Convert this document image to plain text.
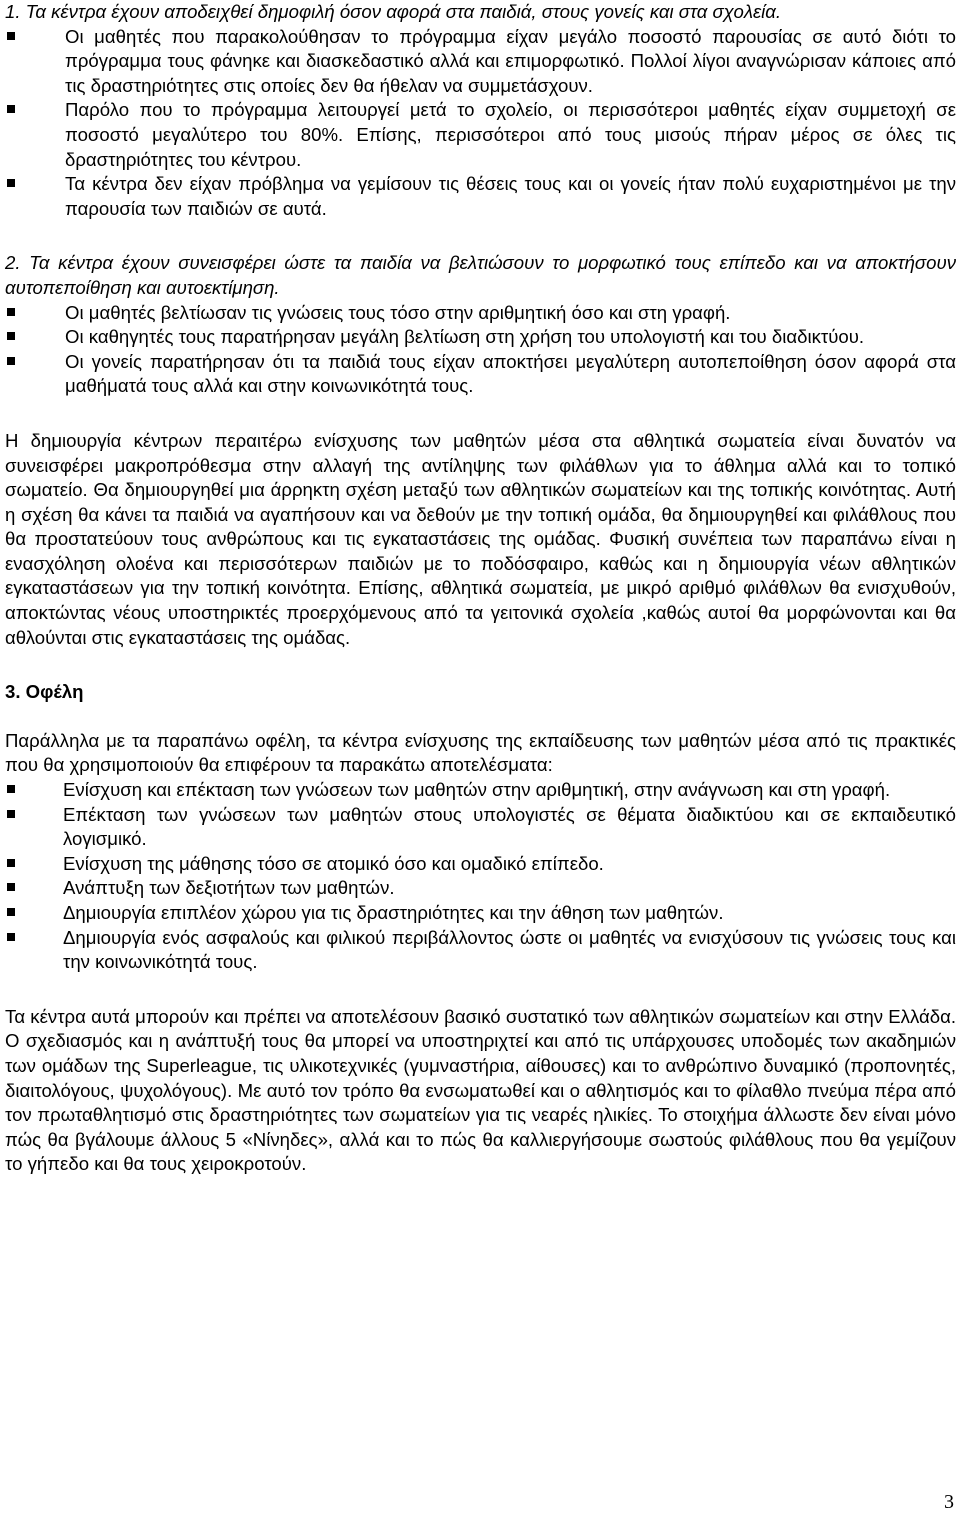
1. Τα κέντρα έχουν αποδειχθεί δημοφιλή όσον αφορά στα παιδιά, στους γονείς και στα σχολεία.

Οι μαθητές που παρακολούθησαν το πρόγραμμα είχαν μεγάλο ποσοστό παρουσίας σε αυτό διότι το πρόγραμμα τους φάνηκε και διασκεδαστικό αλλά και επιμορφωτικό. Πολλοί λίγοι αναγνώρισαν κάποιες από τις δραστηριότητες στις οποίες δεν θα ήθελαν να συμμετάσχουν.
Παρόλο που το πρόγραμμα λειτουργεί μετά το σχολείο, οι περισσότεροι μαθητές είχαν συμμετοχή σε ποσοστό μεγαλύτερο του 80%. Επίσης, περισσότεροι από τους μισούς πήραν μέρος σε όλες τις δραστηριότητες του κέντρου.
Τα κέντρα δεν είχαν πρόβλημα να γεμίσουν τις θέσεις τους και οι γονείς ήταν πολύ ευχαριστημένοι με την παρουσία των παιδιών σε αυτά.

2. Τα κέντρα έχουν συνεισφέρει ώστε τα παιδία να βελτιώσουν το μορφωτικό τους επίπεδο και να αποκτήσουν αυτοπεποίθηση και αυτοεκτίμηση.

Οι μαθητές βελτίωσαν τις γνώσεις τους τόσο στην αριθμητική όσο και στη γραφή.
Οι καθηγητές τους παρατήρησαν μεγάλη βελτίωση στη χρήση του υπολογιστή και του διαδικτύου.
Οι γονείς παρατήρησαν ότι τα παιδιά τους είχαν αποκτήσει μεγαλύτερη αυτοπεποίθηση όσον αφορά στα μαθήματά τους αλλά και στην κοινωνικότητά τους.

Η δημιουργία κέντρων περαιτέρω ενίσχυσης των μαθητών μέσα στα αθλητικά σωματεία είναι δυνατόν να συνεισφέρει μακροπρόθεσμα στην αλλαγή της αντίληψης των φιλάθλων για το άθλημα αλλά και το τοπικό σωματείο. Θα δημιουργηθεί μια άρρηκτη σχέση μεταξύ των αθλητικών σωματείων και της τοπικής κοινότητας. Αυτή η σχέση θα κάνει τα παιδιά να αγαπήσουν και να δεθούν με την τοπική ομάδα, θα δημιουργηθεί και φιλάθλους που θα προστατεύουν τους ανθρώπους και τις εγκαταστάσεις της ομάδας. Φυσική συνέπεια των παραπάνω είναι η ενασχόληση ολοένα και περισσότερων παιδιών με το ποδόσφαιρο, καθώς και η δημιουργία νέων αθλητικών εγκαταστάσεων για την τοπική κοινότητα. Επίσης, αθλητικά σωματεία, με μικρό αριθμό φιλάθλων θα ενισχυθούν, αποκτώντας νέους υποστηρικτές προερχόμενους από τα γειτονικά σχολεία ,καθώς αυτοί θα μορφώνονται και θα αθλούνται στις εγκαταστάσεις της ομάδας.

3. Οφέλη

Παράλληλα με τα παραπάνω οφέλη, τα κέντρα ενίσχυσης της εκπαίδευσης των μαθητών μέσα από τις πρακτικές που θα χρησιμοποιούν θα επιφέρουν τα παρακάτω αποτελέσματα:

Ενίσχυση και επέκταση των γνώσεων των μαθητών στην αριθμητική, στην ανάγνωση και στη γραφή.
Επέκταση των γνώσεων των μαθητών στους υπολογιστές σε θέματα διαδικτύου και σε εκπαιδευτικό λογισμικό.
Ενίσχυση της μάθησης τόσο σε ατομικό όσο και ομαδικό επίπεδο.
Ανάπτυξη των δεξιοτήτων των μαθητών.
Δημιουργία επιπλέον χώρου για τις δραστηριότητες και την άθηση των μαθητών.
Δημιουργία ενός ασφαλούς και φιλικού περιβάλλοντος ώστε οι μαθητές να ενισχύσουν τις γνώσεις τους και την κοινωνικότητά τους.

Τα κέντρα αυτά μπορούν και πρέπει να αποτελέσουν βασικό συστατικό των αθλητικών σωματείων και στην Ελλάδα. Ο σχεδιασμός και η ανάπτυξή τους θα μπορεί να υποστηριχτεί και από τις υπάρχουσες υποδομές των ακαδημιών των ομάδων της Superleague, τις υλικοτεχνικές (γυμναστήρια, αίθουσες) και το ανθρώπινο δυναμικό (προπονητές, διαιτολόγους, ψυχολόγους). Με αυτό τον τρόπο θα ενσωματωθεί και ο αθλητισμός και το φίλαθλο πνεύμα πέρα από τον πρωταθλητισμό στις δραστηριότητες των σωματείων για τις νεαρές ηλικίες. Το στοιχήμα άλλωστε δεν είναι μόνο πώς θα βγάλουμε άλλους 5 «Νίνηδες», αλλά και το πώς θα καλλιεργήσουμε σωστούς φιλάθλους που θα γεμίζουν το γήπεδο και θα τους χειροκροτούν.

3
